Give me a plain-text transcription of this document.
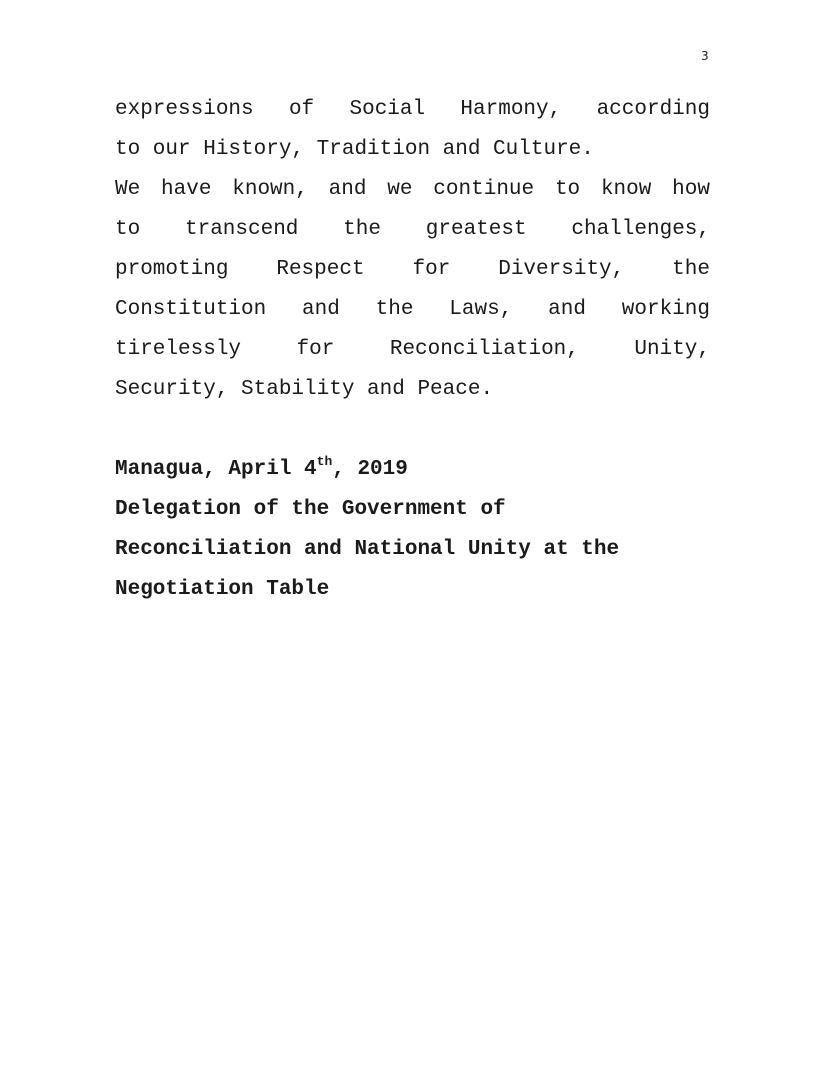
3
expressions of Social Harmony, according
to our History, Tradition and Culture.
We have known, and we continue to know how
to transcend the greatest challenges,
promoting Respect for Diversity, the
Constitution and the Laws, and working
tirelessly for Reconciliation, Unity,
Security, Stability and Peace.
Managua, April 4th, 2019
Delegation of the Government of
Reconciliation and National Unity at the
Negotiation Table
